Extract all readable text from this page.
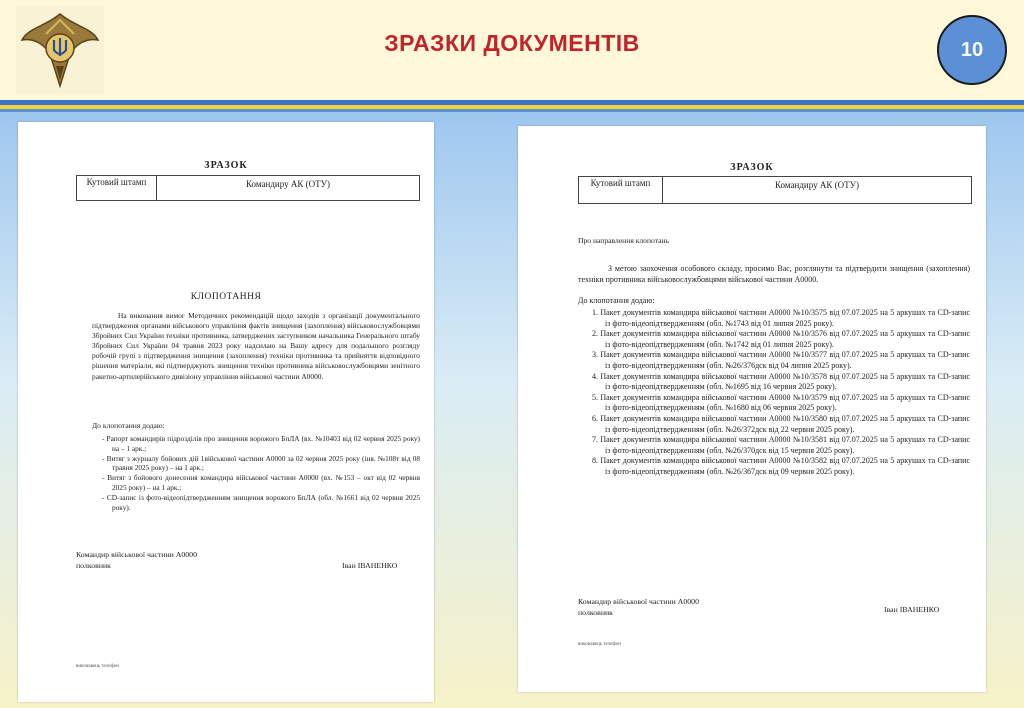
ЗРАЗКИ ДОКУМЕНТІВ	10
ЗРАЗОК
Кутовий штамп	Командиру АК (ОТУ)
КЛОПОТАННЯ

На виконання вимог Методичних рекомендацій щодо заходів з організації документального підтвердження органами військового управління фактів знищення (захоплення) військовослужбовцями Збройних Сил України техніки противника, затверджених заступником начальника Генерального штабу Збройних Сил України 04 травня 2023 року надсилаю на Вашу адресу для подальшого розгляду робочій групі з підтвердження знищення (захоплення) техніки противника та прийняття відповідного рішення матеріали, які підтверджують знищення техніки противника військовослужбовцями зенітного ракетно-артилерійського дивізіону управління військової частини А0000.

До клопотання додаю:
- Рапорт командирів підрозділів про знищення ворожого БпЛА (вх. №10403 від 02 червня 2025 року) на – 1 арк.;
- Витяг з журналу бойових дій 1військової частини А0000 за 02 червня 2025 року (інв. №108т від 08 травня 2025 року) – на 1 арк.;
- Витяг з бойового донесення командира військової частини А0000 (вх. №153 – окт від 02 червня 2025 року) – на 1 арк.;
- CD-запис із фото-відеопідтвердженням знищення ворожого БпЛА (обл. №1661 від 02 червня 2025 року).
Командир військової частини А0000
полковник	Іван ІВАНЕНКО
виконавець телефон
ЗРАЗОК
Кутовий штамп	Командиру АК (ОТУ)
Про направлення клопотань

З метою заохочення особового складу, просимо Вас, розглянути та підтвердити знищення (захоплення) техніки противника військовослужбовцями військової частини А0000.

До клопотання додаю:
1. Пакет документів командира військової частини А0000 №10/3575 від 07.07.2025 на 5 аркушах та CD-запис із фото-відеопідтвердженням (обл. №1743 від 01 липня 2025 року).
2. Пакет документів командира військової частини А0000 №10/3576 від 07.07.2025 на 5 аркушах та CD-запис із фото-відеопідтвердженням (обл. №1742 від 01 липня 2025 року).
3. Пакет документів командира військової частини А0000 №10/3577 від 07.07.2025 на 5 аркушах та CD-запис із фото-відеопідтвердженням (обл. №26/376дск від 04 липня 2025 року).
4. Пакет документів командира військової частини А0000 №10/3578 від 07.07.2025 на 5 аркушах та CD-запис із фото-відеопідтвердженням (обл. №1695 від 16 червня 2025 року).
5. Пакет документів командира військової частини А0000 №10/3579 від 07.07.2025 на 5 аркушах та CD-запис із фото-відеопідтвердженням (обл. №1680 від 06 червня 2025 року).
6. Пакет документів командира військової частини А0000 №10/3580 від 07.07.2025 на 5 аркушах та CD-запис із фото-відеопідтвердженням (обл. №26/372дск від 22 червня 2025 року).
7. Пакет документів командира військової частини А0000 №10/3581 від 07.07.2025 на 5 аркушах та CD-запис із фото-відеопідтвердженням (обл. №26/370дск від 15 червня 2025 року).
8. Пакет документів командира військової частини А0000 №10/3582 від 07.07.2025 на 5 аркушах та CD-запис із фото-відеопідтвердженням (обл. №26/367дск від 09 червня 2025 року).
Командир військової частини А0000
полковник	Іван ІВАНЕНКО
виконавець телефон
